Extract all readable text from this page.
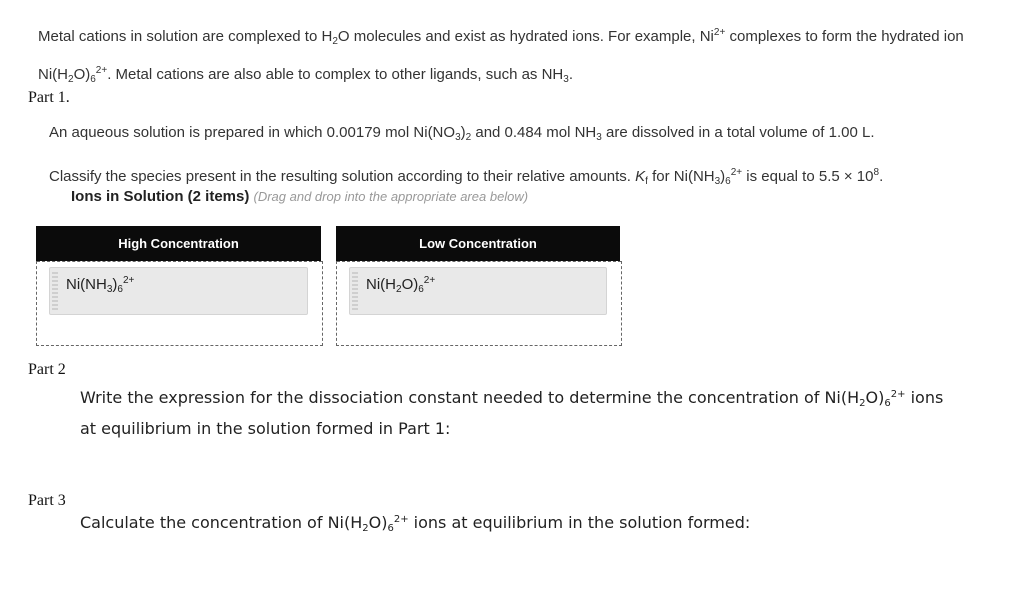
Metal cations in solution are complexed to $H_2O$ molecules and exist as hydrated ions. For example, $Ni^{2+}$ complexes to form the hydrated ion
$Ni(H_2O)_6^{2+}$. Metal cations are also able to complex to other ligands, such as $NH_3$.
Part 1.
An aqueous solution is prepared in which 0.00179 mol $Ni(NO_3)_2$ and 0.484 mol $NH_3$ are dissolved in a total volume of 1.00 L.
Classify the species present in the resulting solution according to their relative amounts. $K_f$ for $Ni(NH_3)_6^{2+}$ is equal to $5.5 \times 10^8$.
Ions in Solution (2 items) (Drag and drop into the appropriate area below)
High Concentration	Low Concentration
$Ni(NH_3)_6^{2+}$	$Ni(H_2O)_6^{2+}$
Part 2
Write the expression for the dissociation constant needed to determine the concentration of $Ni(H_2O)_6^{2+}$ ions
at equilibrium in the solution formed in Part 1:
Part 3
Calculate the concentration of $Ni(H_2O)_6^{2+}$ ions at equilibrium in the solution formed:
